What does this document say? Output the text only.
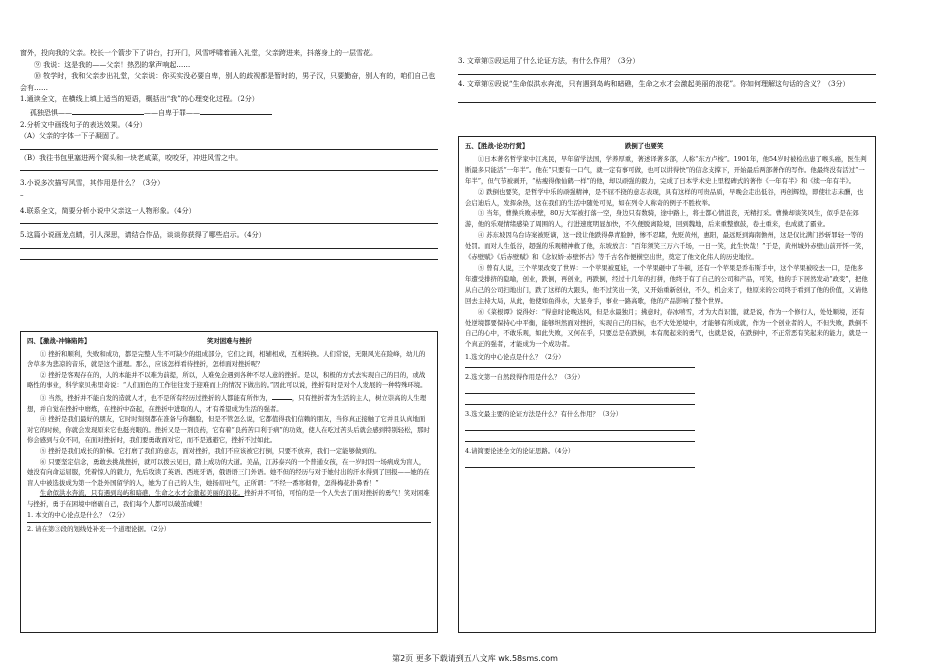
窗外，投向我的父亲。校长一个箭步下了讲台，打开门，风雪呼啸着涌入礼堂，父亲跨进来，抖落身上的一层雪花。

⑨ 我说：这是我的——父亲！热烈的掌声响起……

⑩ 牧学时，我和父亲步出礼堂，父亲说：你买实没必要自卑，别人的歧视都是暂时的，男子汉，只要勤奋，别人有的，咱们自己也会有……

1.通读全文，在横线上填上适当的短语，概括出“我”的心理变化过程。（2分）

孤独恐惧——	——自卑于罪——

2.分析文中画线句子的表达效果。（4分）

（A）父亲的字体一下子凝固了。

（B）我往书包里塞进两个窝头和一块老咸菜，咬咬牙，冲进风雪之中。

3.小说多次描写风雪，其作用是什么？（3分）

–

4.联系全文，简要分析小说中父亲这一人物形象。（4分）

5.这篇小说画龙点睛，引人深思，请结合作品，谈谈你获得了哪些启示。（4分）

四、【激战-冲锋陷阵】	笑对困难与挫折

① 挫折和顺利，失败和成功，都是完整人生不可缺少的组成部分，它们之间，相辅相成，互相转换。人们常说，无限风光在险峰，幼儿的舍草多为悲凉的音乐，就是这个道理。那么，应该怎样看待挫折，怎样面对挫折呢？

② 挫折是客观存在的，人的本能并不以难为前提，所以，人难免会遇到各种不尽人意的挫折。是以，积极的方式去实现自己的目的，或战略性的事业，科学家贝弗里奇说：“人们面色的工作往往发于迎难而上的情况下做出的。”因此可以说，挫折有时是对个人发展的一种特殊环境。

③ 当然，挫折并不能自发的造就人才，也不是所有经历过挫折的人都能有所作为，	，只有挫折者为生活的主人，树立崇高的人生理想，并自觉在挫折中磨炼，在挫折中奋起，在挫折中进取的人，才有希望成为生活的强者。

④ 挫折是我们最好的朋友，它时时刻刻都在准备与你翻脸，但是不管怎么说，它都值得我们信赖的朋友，当你真正接触了它并且认真地面对它的时候，你就会发现原来它也挺亮眼的。挫折又是一剂良药，它有着“良药苦口利于病”的功效，使人在吃过苦头后就会感到特别轻松，那时你会感到与众不同，在面对挫折时，我们要勇敢面对它，而不是逃避它，挫折不过如此。

⑤ 挫折是我们成长的阶梯。它打磨了我们的意志，面对挫折，我们不应该被它打倒，只要不放弃，我们一定能够做到的。

⑥ 只要坚定信念，勇敢去挑战挫折，就可以拨云见日，踏上成功的大道。美晶，江苏泰兴的一个普通女孩，在一岁时因一场病成为盲人，她没有向命运屈服，凭着惊人的毅力，先后攻读了英语、西班牙语，俄语语三门外语。她不但的经历与对于她付出的汗水得到了回报——她的在盲人中被选拔成为第一个赴外国留学的人，她为了自己的人生，她扬眉吐气，正所谓：“不经一番寒彻骨，怎得梅花扑鼻香！”

生命似洪水奔流，只有遇到岛屿和暗礁，生命之水才会激起美丽的浪花。挫折并不可怕，可怕的是一个人失去了面对挫折的勇气！笑对困难与挫折，勇于在困境中磨砺自己，我们每个人都可以破茧成蝶！

1. 本文的中心论点是什么？（2分）

2. 请在第③段的划线处补充一个道理论据。（2分）

3. 文章第⑤段运用了什么论证方法，有什么作用？（3分）

4. 文章第⑥段说“生命似洪水奔流，只有遇到岛屿和暗礁，生命之水才会激起美丽的浪花”。你如何理解这句话的含义？（3分）

五、【胜战-论功行赏】	跌倒了也要笑

①日本著名哲学家中江兆民，早年留学法国，学养厚重，著述译著多部，人称“东方卢梭”。1901年，他54岁时被检出患了喉头癌，医生判断最多只能活“一年半”。他在“只要有一口气，就一定有事可做，也可以讲得快”的信念支撑下，开始最后两部著作的写作。他最终没有活过“一年半”，但气节被剥开，“枯瘦得像仙鹤一样”的他，却以顽强的毅力，完成了日本学术史上里程碑式的著作《一年有半》和《续一年有半》。

② 跌倒也要笑，是哲学中乐的顽强精神，是不屈不挠的意志表现，具有这样的可贵品质，早晚会走出低谷，再创辉煌，即使壮志未酬，也会启迪后人，发挥余热，这在我们的生活中随处可见，如在列令人称奇的例子不胜枚举。

③ 当年，曹操兵败赤壁，80万大军被打落一空，身边只有数骑，途中路上，将士都心情沮丧，无精打采。曹操却谈笑风生，似乎是在郊游，他的乐观情绪感染了周围的人，行进速度明显加快，不久便脱离险境，回到魏地，后来重整旗鼓，卷土重来，也成就了霸业。

④ 苏东坡因乌台诗案被贬谪，这一段让他跌得鼻青脸肿，惨不忍睹，先贬黄州，惠阳，最远贬到海南儋州，这是仅比满门抄斩罪轻一等的处罚。而对人生低谷，超强的乐观精神救了他，东坡放言：“百年须笑三万六千场，一日一笑，此生快哉！”于是，黄州城外赤壁山前开怀一笑，《赤壁赋》《后赤壁赋》和《念奴娇·赤壁怀古》等千古名作便横空出世，奠定了他文化伟人的历史地位。

⑤ 曾有人说，三个苹果改变了世界：一个苹果被夏娃，一个苹果砸中了牛顿，还有一个苹果是乔布斯手中，这个苹果被咬去一口，是他多年遭受排挤的隐喻，创业，跌倒，再创业，再跌倒，经过十几年的打拼，他终于有了自己的公司和产品，可笑，他的手下居然发动“政变”，把他从自己的公司扫地出门，跌了这样的大跟头，他不过笑出一笑，又开始重新创业，不久，机会来了，他原来的公司终于看到了他的价值，又请他回去主持大局，从此，他使如鱼得水，大显身手，事业一路高歌，他的产品影响了整个世界。

⑥《菜根谭》说得好：“得意时论晚达风，但是水最独月；拂意时，春冰嘻雪，才为大肖识篦，就是说，作为一个修行人，处处顺境，还有处逆境都要保持心中平衡，能够坦然面对挫折，实现自己的目标，也不大处逆境中，才能够有所成就，作为一个创业者的人，不但失败，跌倒不自己的心中，不敢乐观，如此失败，又何在乎，只要总是在跌倒，本有爬起来的勇气，也就是说，在跌倒中，不正常恶有笑起来的能力，就是一个真正的强者，才能成为一个成功者。

1.选文的中心论点是什么？（2分）

2.选文第一自然段得作用是什么？（3分）

3.选文最主要的论证方法是什么？有什么作用？（3分）

4.请简要论述全文的论证思路。（4分）

第2页 更多下载请到五八文库 wk.58sms.com
